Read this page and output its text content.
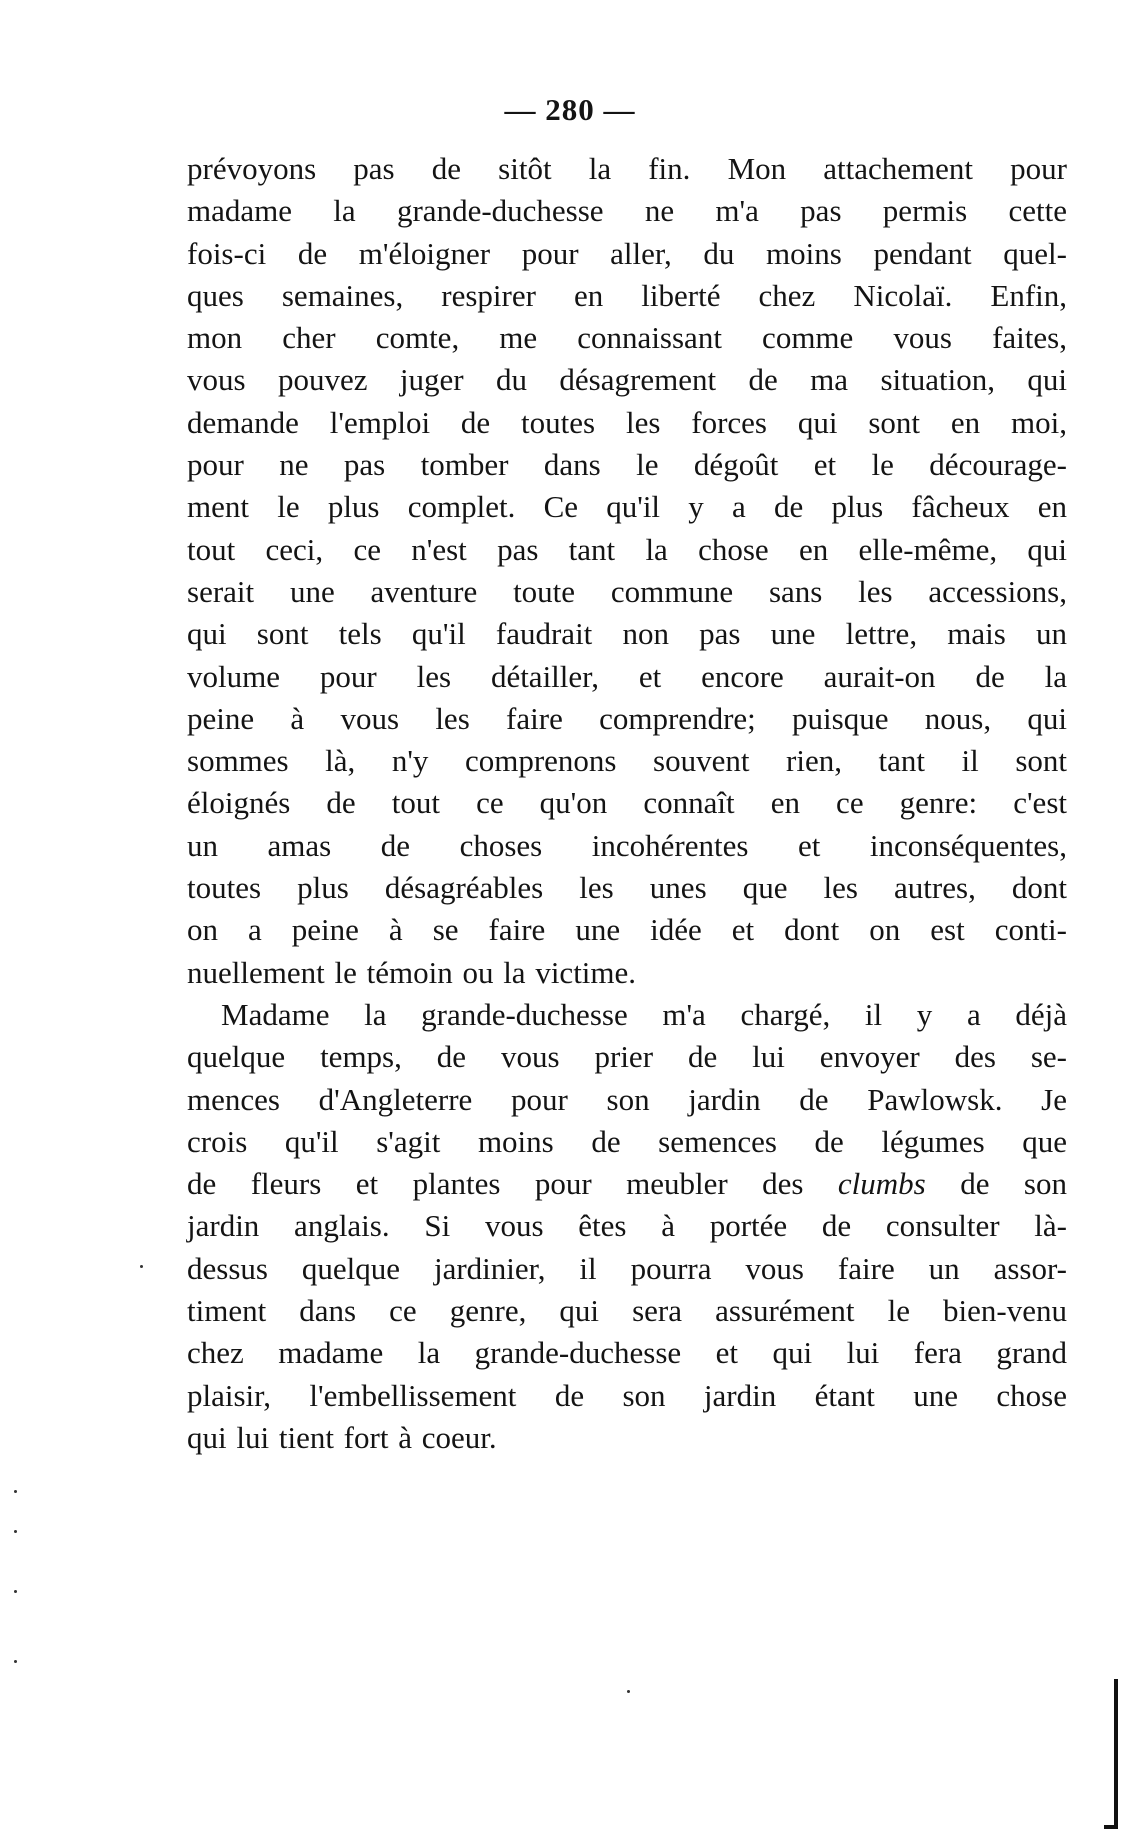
— 280 —
prévoyons pas de sitôt la fin. Mon attachement pour
madame la grande-duchesse ne m'a pas permis cette
fois-ci de m'éloigner pour aller, du moins pendant quel-
ques semaines, respirer en liberté chez Nicolaï. Enfin,
mon cher comte, me connaissant comme vous faites,
vous pouvez juger du désagrement de ma situation, qui
demande l'emploi de toutes les forces qui sont en moi,
pour ne pas tomber dans le dégoût et le découragе-
ment le plus complet. Ce qu'il y a de plus fâcheux en
tout ceci, ce n'est pas tant la chose en elle-même, qui
serait une aventure toute commune sans les accessions,
qui sont tels qu'il faudrait non pas une lettre, mais un
volume pour les détailler, et encore aurait-on de la
peine à vous les faire comprendre; puisque nous, qui
sommes là, n'y comprenons souvent rien, tant il sont
éloignés de tout ce qu'on connaît en ce genre: c'est
un amas de choses incohérentes et inconséquentes,
toutes plus désagréables les unes que les autres, dont
on a peine à se faire une idée et dont on est conti-
nuellement le témoin ou la victime.
Madame la grande-duchesse m'a chargé, il y a déjà
quelque temps, de vous prier de lui envoyer des se-
mences d'Angleterre pour son jardin de Pawlowsk. Je
crois qu'il s'agit moins de semences de légumes que
de fleurs et plantes pour meubler des clumbs de son
jardin anglais. Si vous êtes à portée de consulter là-
dessus quelque jardinier, il pourra vous faire un assor-
timent dans ce genre, qui sera assurément le bien-venu
chez madame la grande-duchesse et qui lui fera grand
plaisir, l'embellissement de son jardin étant une chose
qui lui tient fort à coeur.
